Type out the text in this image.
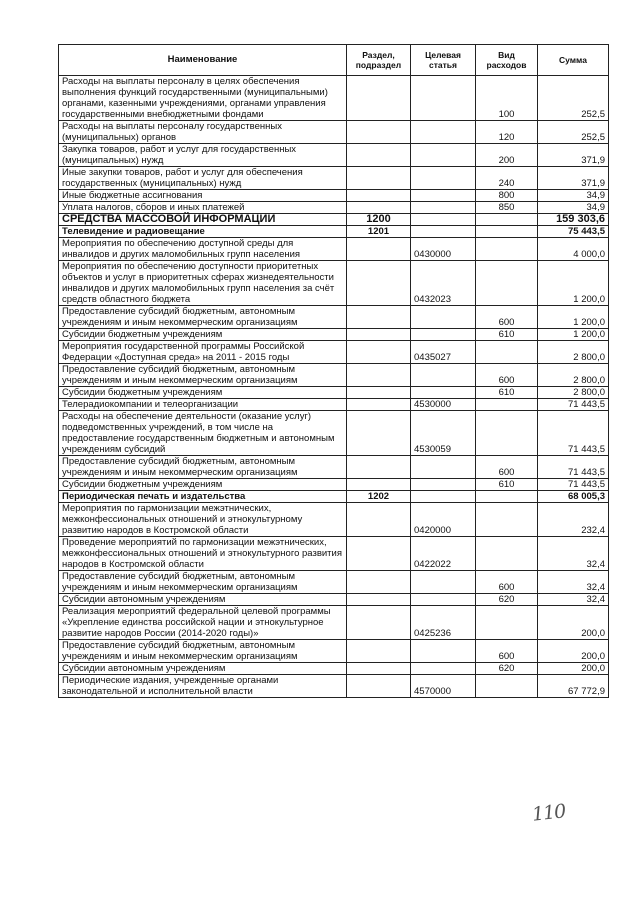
Наименование	Раздел, подраздел	Целевая статья	Вид расходов	Сумма
Расходы на выплаты персоналу в целях обеспечения выполнения функций государственными (муниципальными) органами, казенными учреждениями, органами управления государственными внебюджетными фондами			100	252,5
Расходы на выплаты персоналу государственных (муниципальных) органов			120	252,5
Закупка товаров, работ и услуг для государственных (муниципальных) нужд			200	371,9
Иные закупки товаров, работ и услуг для обеспечения государственных (муниципальных) нужд			240	371,9
Иные бюджетные ассигнования			800	34,9
Уплата налогов, сборов и иных платежей			850	34,9
СРЕДСТВА МАССОВОЙ ИНФОРМАЦИИ	1200			159 303,6
Телевидение и радиовещание	1201			75 443,5
Мероприятия по обеспечению доступной среды для инвалидов и других маломобильных групп населения		0430000		4 000,0
Мероприятия по обеспечению доступности приоритетных объектов и услуг в приоритетных сферах жизнедеятельности инвалидов и других маломобильных групп населения за счёт средств областного бюджета		0432023		1 200,0
Предоставление субсидий бюджетным, автономным учреждениям и иным некоммерческим организациям			600	1 200,0
Субсидии бюджетным учреждениям			610	1 200,0
Мероприятия государственной программы Российской Федерации «Доступная среда» на 2011 - 2015 годы		0435027		2 800,0
Предоставление субсидий бюджетным, автономным учреждениям и иным некоммерческим организациям			600	2 800,0
Субсидии бюджетным учреждениям			610	2 800,0
Телерадиокомпании и телеорганизации		4530000		71 443,5
Расходы на обеспечение деятельности (оказание услуг) подведомственных учреждений, в том числе на предоставление государственным бюджетным и автономным учреждениям субсидий		4530059		71 443,5
Предоставление субсидий бюджетным, автономным учреждениям и иным некоммерческим организациям			600	71 443,5
Субсидии бюджетным учреждениям			610	71 443,5
Периодическая печать и издательства	1202			68 005,3
Мероприятия по гармонизации межэтнических, межконфессиональных отношений и этнокультурному развитию народов в Костромской области		0420000		232,4
Проведение мероприятий по гармонизации межэтнических, межконфессиональных отношений и этнокультурного развития народов в Костромской области		0422022		32,4
Предоставление субсидий бюджетным, автономным учреждениям и иным некоммерческим организациям			600	32,4
Субсидии автономным учреждениям			620	32,4
Реализация мероприятий федеральной целевой программы «Укрепление единства российской нации и этнокультурное развитие народов России (2014-2020 годы)»		0425236		200,0
Предоставление субсидий бюджетным, автономным учреждениям и иным некоммерческим организациям			600	200,0
Субсидии автономным учреждениям			620	200,0
Периодические издания, учрежденные органами законодательной и исполнительной власти		4570000		67 772,9
110
